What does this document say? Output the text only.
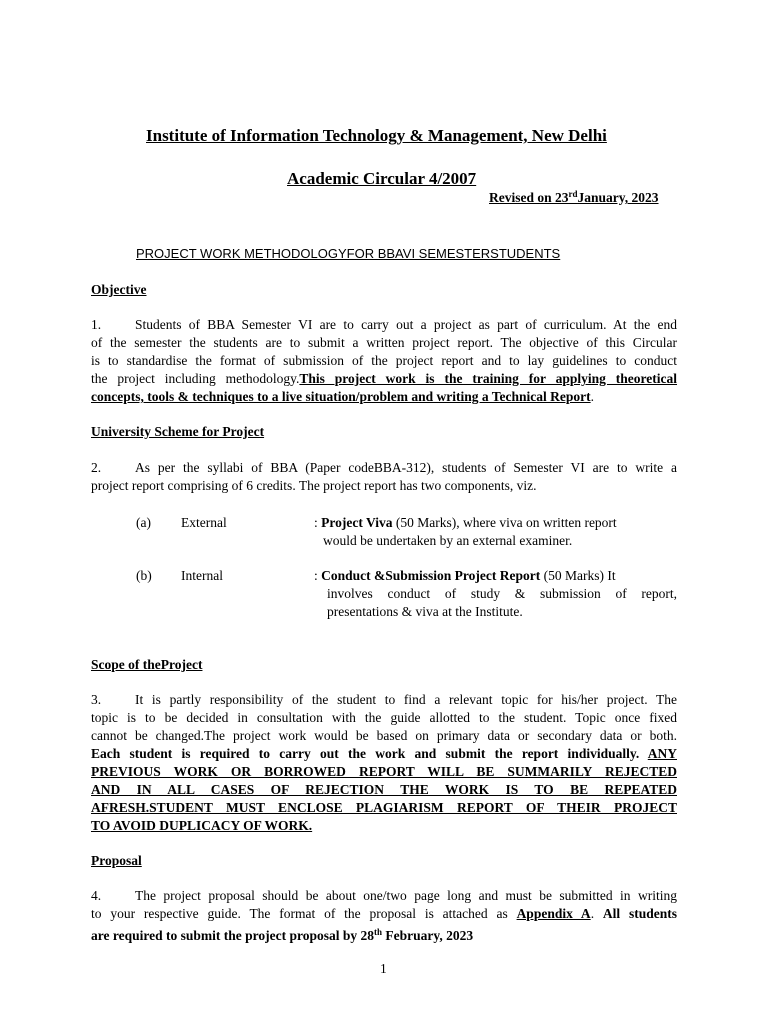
Institute of Information Technology & Management, New Delhi
Academic Circular 4/2007
Revised on 23rdJanuary, 2023
PROJECT WORK METHODOLOGYFOR BBAVI SEMESTERSTUDENTS
Objective
1.	Students of BBA Semester VI are to carry out a project as part of curriculum. At the end
of the semester the students are to submit a written project report. The objective of this Circular
is to standardise the format of submission of the project report and to lay guidelines to conduct
the project including methodology.This project work is the training for applying theoretical
concepts, tools & techniques to a live situation/problem and writing a Technical Report.
University Scheme for Project
2.	As per the syllabi of BBA (Paper codeBBA-312), students of Semester VI are to write a
project report comprising of 6 credits. The project report has two components, viz.
(a) External	: Project Viva (50 Marks), where viva on written report
would be undertaken by an external examiner.
(b) Internal	: Conduct &Submission Project Report (50 Marks) It
involves conduct of study & submission of report,
presentations & viva at the Institute.
Scope of theProject
3.	It is partly responsibility of the student to find a relevant topic for his/her project. The
topic is to be decided in consultation with the guide allotted to the student. Topic once fixed
cannot be changed.The project work would be based on primary data or secondary data or both.
Each student is required to carry out the work and submit the report individually. ANY
PREVIOUS WORK OR BORROWED REPORT WILL BE SUMMARILY REJECTED
AND IN ALL CASES OF REJECTION THE WORK IS TO BE REPEATED
AFRESH.STUDENT MUST ENCLOSE PLAGIARISM REPORT OF THEIR PROJECT
TO AVOID DUPLICACY OF WORK.
Proposal
4.	The project proposal should be about one/two page long and must be submitted in writing
to your respective guide. The format of the proposal is attached as Appendix A. All students
are required to submit the project proposal by 28th February, 2023
1
